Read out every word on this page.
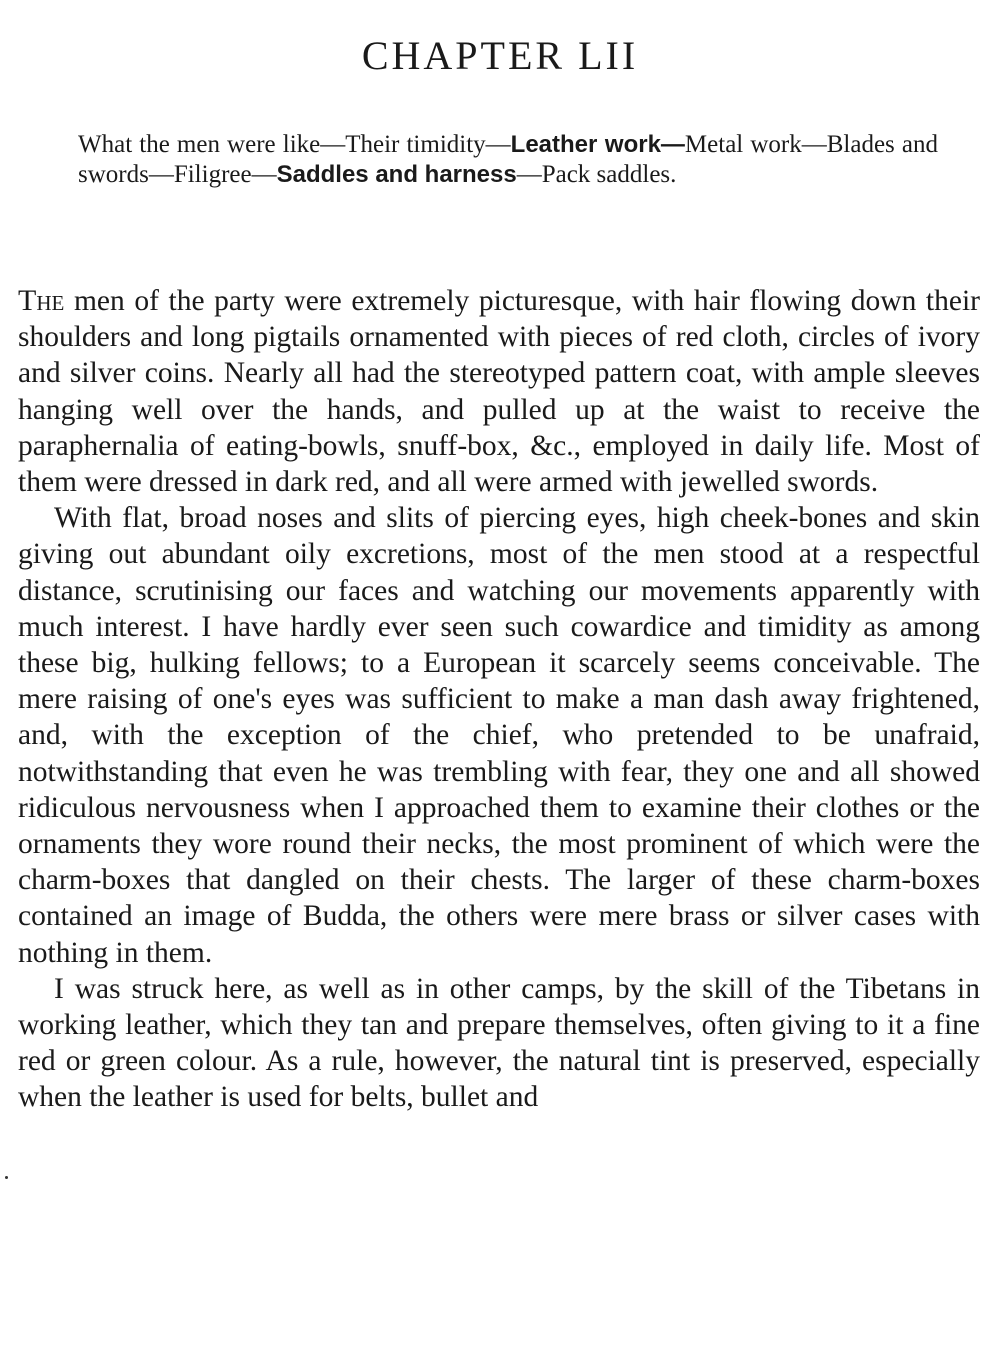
CHAPTER LII

What the men were like—Their timidity—Leather work—Metal work—Blades and swords—Filigree—Saddles and harness—Pack saddles.

The men of the party were extremely picturesque, with hair flowing down their shoulders and long pigtails ornamented with pieces of red cloth, circles of ivory and silver coins. Nearly all had the stereotyped pattern coat, with ample sleeves hanging well over the hands, and pulled up at the waist to receive the paraphernalia of eating-bowls, snuff-box, &c., employed in daily life. Most of them were dressed in dark red, and all were armed with jewelled swords.

With flat, broad noses and slits of piercing eyes, high cheek-bones and skin giving out abundant oily excretions, most of the men stood at a respectful distance, scrutinising our faces and watching our movements apparently with much interest. I have hardly ever seen such cowardice and timidity as among these big, hulking fellows; to a European it scarcely seems conceivable. The mere raising of one's eyes was sufficient to make a man dash away frightened, and, with the exception of the chief, who pretended to be unafraid, notwithstanding that even he was trembling with fear, they one and all showed ridiculous nervousness when I approached them to examine their clothes or the ornaments they wore round their necks, the most prominent of which were the charm-boxes that dangled on their chests. The larger of these charm-boxes contained an image of Budda, the others were mere brass or silver cases with nothing in them.

I was struck here, as well as in other camps, by the skill of the Tibetans in working leather, which they tan and prepare themselves, often giving to it a fine red or green colour. As a rule, however, the natural tint is preserved, especially when the leather is used for belts, bullet and
